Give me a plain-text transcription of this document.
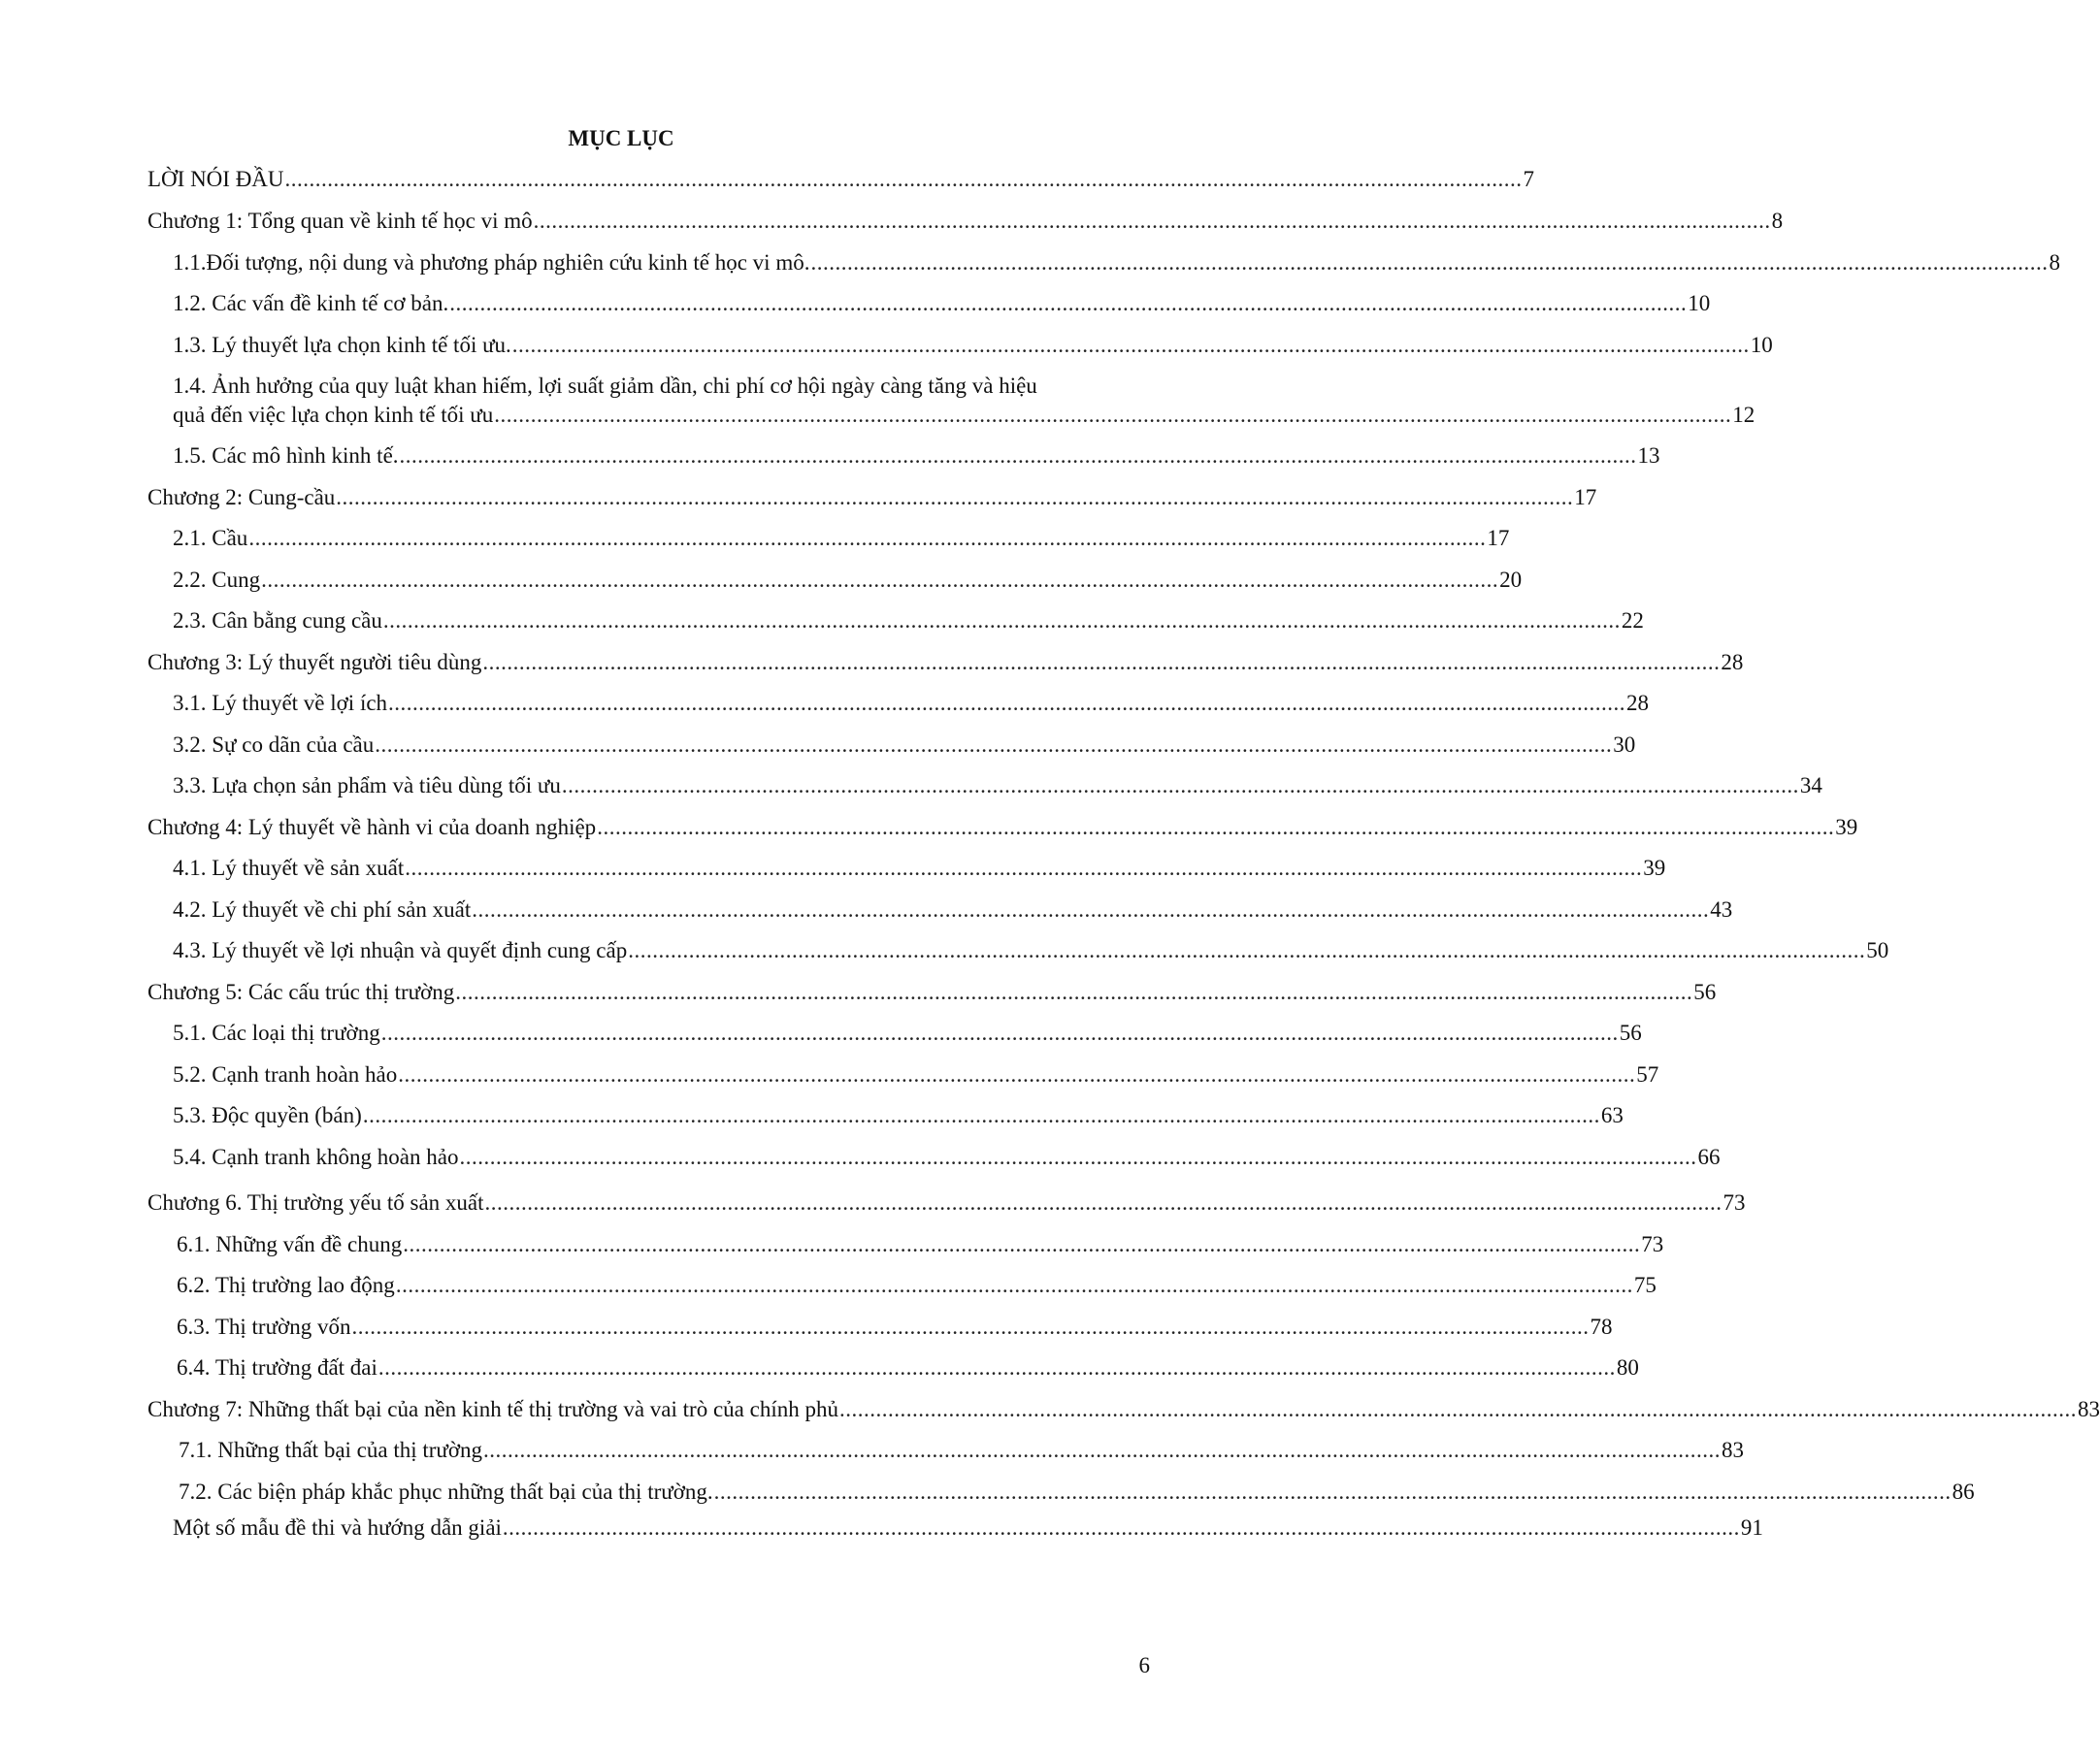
MỤC LỤC
LỜI NÓI ĐẦU ............................................................................................................................................................................................................ 7
Chương 1: Tổng quan về kinh tế học vi mô ............................................................................................................................................................................................................ 8
1.1.Đối tượng, nội dung và phương pháp nghiên cứu kinh tế học vi mô. ............................................................................................................................................................................................................ 8
1.2. Các vấn đề kinh tế cơ bản. ............................................................................................................................................................................................................ 10
1.3. Lý thuyết lựa chọn kinh tế tối ưu. ............................................................................................................................................................................................................ 10
1.4. Ảnh hưởng của quy luật khan hiếm, lợi suất giảm dần, chi phí cơ hội ngày càng tăng và hiệu
quả đến việc lựa chọn kinh tế tối ưu ............................................................................................................................................................................................................ 12
1.5. Các mô hình kinh tế. ............................................................................................................................................................................................................ 13
Chương 2: Cung-cầu ............................................................................................................................................................................................................ 17
2.1. Cầu ............................................................................................................................................................................................................ 17
2.2. Cung ............................................................................................................................................................................................................ 20
2.3. Cân bằng cung cầu ............................................................................................................................................................................................................ 22
Chương 3: Lý thuyết người tiêu dùng ............................................................................................................................................................................................................ 28
3.1. Lý thuyết về lợi ích ............................................................................................................................................................................................................ 28
3.2. Sự co dãn của cầu ............................................................................................................................................................................................................ 30
3.3. Lựa chọn sản phẩm và tiêu dùng tối ưu ............................................................................................................................................................................................................ 34
Chương 4: Lý thuyết về hành vi của doanh nghiệp ............................................................................................................................................................................................................ 39
4.1. Lý thuyết về sản xuất ............................................................................................................................................................................................................ 39
4.2. Lý thuyết về chi phí sản xuất ............................................................................................................................................................................................................ 43
4.3. Lý thuyết về lợi nhuận và quyết định cung cấp ............................................................................................................................................................................................................ 50
Chương 5: Các cấu trúc thị trường ............................................................................................................................................................................................................ 56
5.1. Các loại thị trường ............................................................................................................................................................................................................ 56
5.2. Cạnh tranh hoàn hảo ............................................................................................................................................................................................................ 57
5.3. Độc quyền (bán) ............................................................................................................................................................................................................ 63
5.4. Cạnh tranh không hoàn hảo ............................................................................................................................................................................................................ 66
Chương 6. Thị trường yếu tố sản xuất ............................................................................................................................................................................................................ 73
6.1. Những vấn đề chung ............................................................................................................................................................................................................ 73
6.2. Thị trường lao động ............................................................................................................................................................................................................ 75
6.3. Thị trường vốn ............................................................................................................................................................................................................ 78
6.4. Thị trường đất đai ............................................................................................................................................................................................................ 80
Chương 7: Những thất bại của nền kinh tế thị trường và vai trò của chính phủ ............................................................................................................................................................................................................ 83
7.1. Những thất bại của thị trường ............................................................................................................................................................................................................ 83
7.2. Các biện pháp khắc phục những thất bại của thị trường. ............................................................................................................................................................................................................ 86
Một số mẫu đề thi và hướng dẫn giải ............................................................................................................................................................................................................ 91
6
